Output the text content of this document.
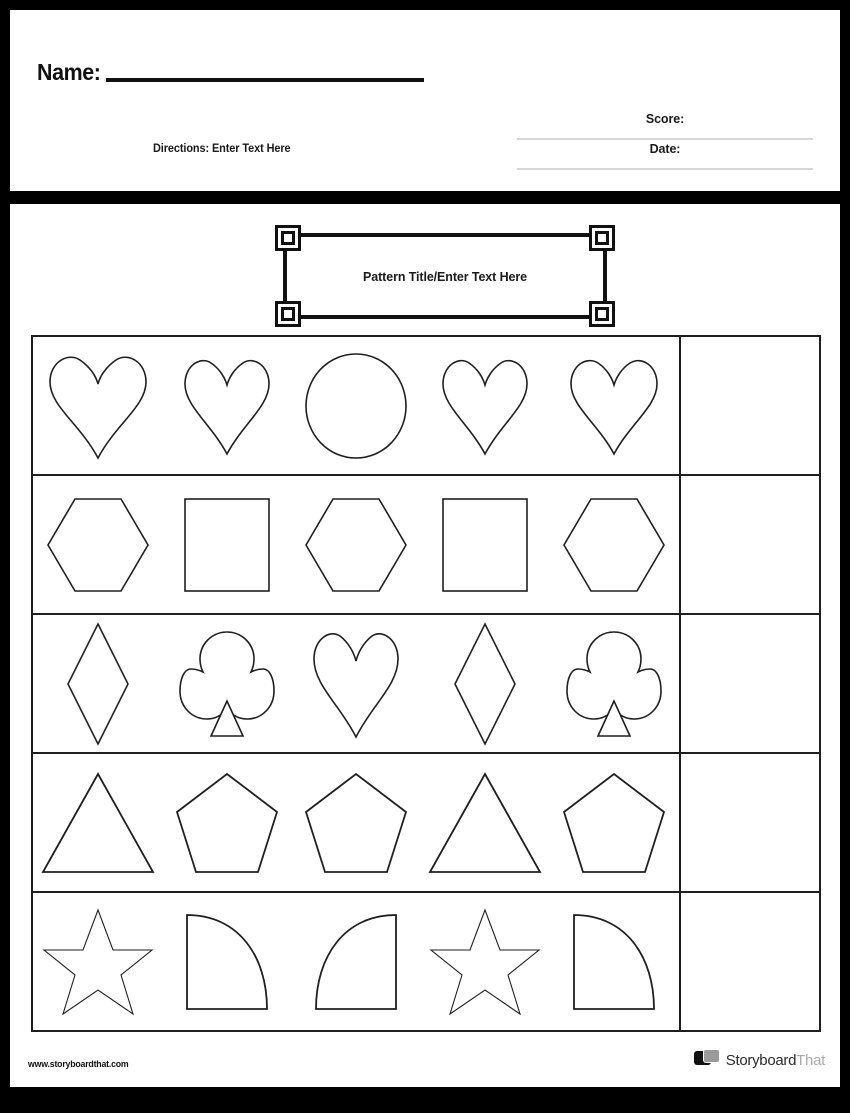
Name:
Directions: Enter Text Here
Score:
Date:
Pattern Title/Enter Text Here
www.storyboardthat.com	StoryboardThat
